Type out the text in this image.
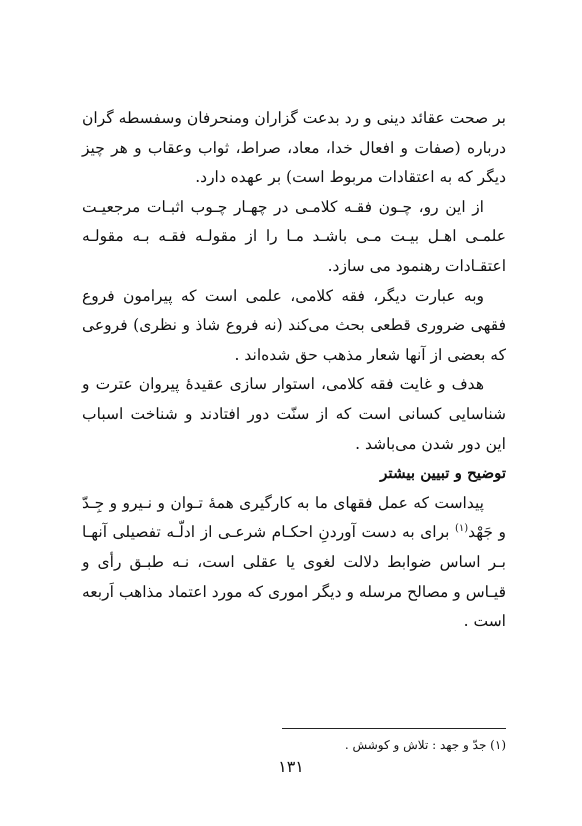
بر صحت عقائد دینی و رد بدعت گزاران ومنحرفان وسفسطه گران درباره (صفات و افعال خدا، معاد، صراط، ثواب وعقاب و هر چیز دیگر که به اعتقادات مربوط است) بر عهده دارد.

از این رو، چـون فقـه کلامـی در چهـار چـوب اثبـات مرجعیـت علمـی اهـل بیـت مـی باشـد مـا را از مقولـه فقـه بـه مقولـه اعتقـادات رهنمود می سازد.

وبه عبارت دیگر، فقه کلامی، علمی است که پیرامون فروع فقهی ضروری قطعی بحث می‌کند (نه فروع شاذ و نظری) فروعی که بعضی از آنها شعار مذهب حق شده‌اند .

هدف و غایت فقه کلامی، استوار سازی عقیدهٔ پیروان عترت و شناسایی کسانی است که از سنّت دور افتادند و شناخت اسباب این دور شدن می‌باشد .

توضیح و تبیین بیشتر

پیداست که عمل فقهای ما به کارگیری همهٔ تـوان و نـیرو و جِـدّ و جَهْد$^{(۱)}$ برای به دست آوردنِ احکـام شرعـی از ادلّـه تفصیلی آنهـا بـر اساس ضوابط دلالت لغوی یا عقلی است، نـه طبـق رأی و قیـاس و مصالح مرسله و دیگر اموری که مورد اعتماد مذاهب اَربعه است .

(۱) جدّ و جهد : تلاش و کوشش .
۱۳۱
